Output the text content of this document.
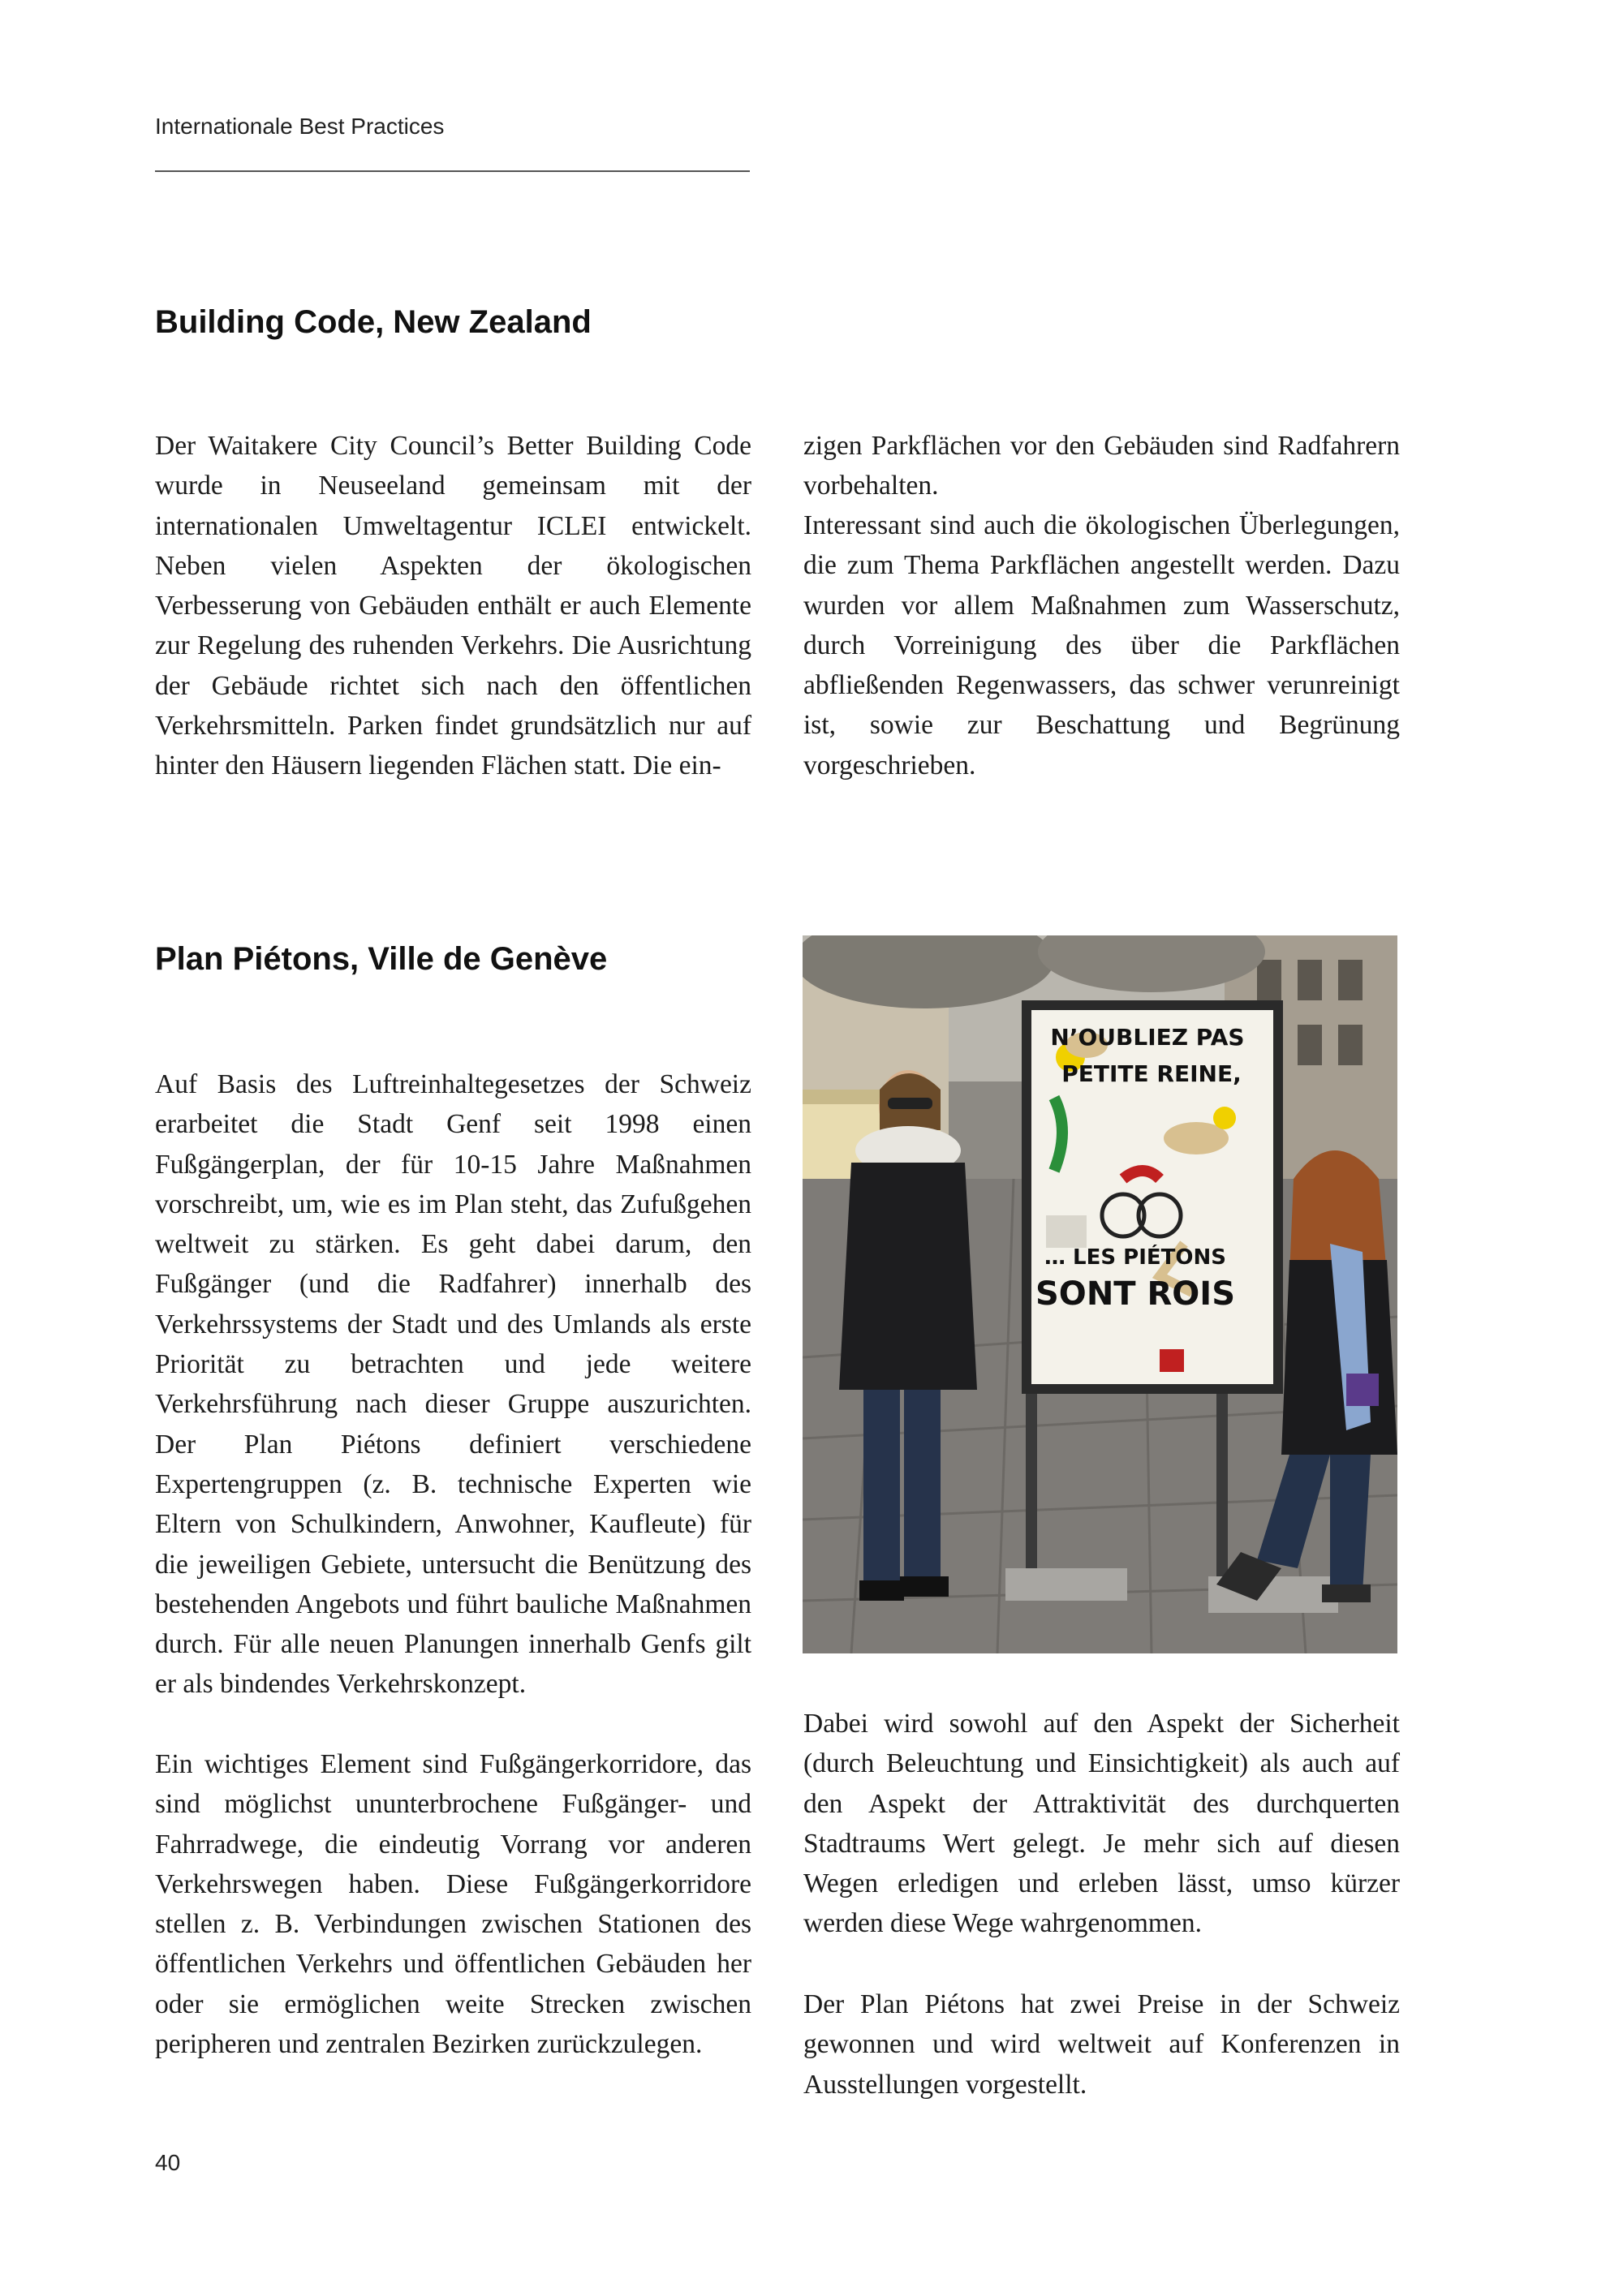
Internationale Best Practices
Building Code, New Zealand

Der Waitakere City Council’s Better Building Code wurde in Neuseeland gemeinsam mit der internationalen Umweltagentur ICLEI entwickelt. Neben vielen Aspekten der ökologischen Verbesserung von Gebäuden enthält er auch Elemente zur Regelung des ruhenden Verkehrs. Die Ausrichtung der Gebäude richtet sich nach den öffentlichen Verkehrsmitteln. Parken findet grundsätzlich nur auf hinter den Häusern liegenden Flächen statt. Die ein-

zigen Parkflächen vor den Gebäuden sind Radfahrern vorbehalten.

Interessant sind auch die ökologischen Überlegungen, die zum Thema Parkflächen angestellt werden. Dazu wurden vor allem Maßnahmen zum Wasserschutz, durch Vorreinigung des über die Parkflächen abfließenden Regenwassers, das schwer verunreinigt ist, sowie zur Beschattung und Begrünung vorgeschrieben.

Plan Piétons, Ville de Genève

Auf Basis des Luftreinhaltegesetzes der Schweiz erarbeitet die Stadt Genf seit 1998 einen Fußgängerplan, der für 10-15 Jahre Maßnahmen vorschreibt, um, wie es im Plan steht, das Zufußgehen weltweit zu stärken. Es geht dabei darum, den Fußgänger (und die Radfahrer) innerhalb des Verkehrssystems der Stadt und des Umlands als erste Priorität zu betrachten und jede weitere Verkehrsführung nach dieser Gruppe auszurichten. Der Plan Piétons definiert verschiedene Expertengruppen (z. B. technische Experten wie Eltern von Schulkindern, Anwohner, Kaufleute) für die jeweiligen Gebiete, untersucht die Benützung des bestehenden Angebots und führt bauliche Maßnahmen durch. Für alle neuen Planungen innerhalb Genfs gilt er als bindendes Verkehrskonzept.

Ein wichtiges Element sind Fußgängerkorridore, das sind möglichst ununterbrochene Fußgänger- und Fahrradwege, die eindeutig Vorrang vor anderen Verkehrswegen haben. Diese Fußgängerkorridore stellen z. B. Verbindungen zwischen Stationen des öffentlichen Verkehrs und öffentlichen Gebäuden her oder sie ermöglichen weite Strecken zwischen peripheren und zentralen Bezirken zurückzulegen.

N’OUBLIEZ PAS
PETITE REINE,
… LES PIÉTONS
SONT ROIS

Dabei wird sowohl auf den Aspekt der Sicherheit (durch Beleuchtung und Einsichtigkeit) als auch auf den Aspekt der Attraktivität des durchquerten Stadtraums Wert gelegt. Je mehr sich auf diesen Wegen erledigen und erleben lässt, umso kürzer werden diese Wege wahrgenommen.

Der Plan Piétons hat zwei Preise in der Schweiz gewonnen und wird weltweit auf Konferenzen in Ausstellungen vorgestellt.

40
